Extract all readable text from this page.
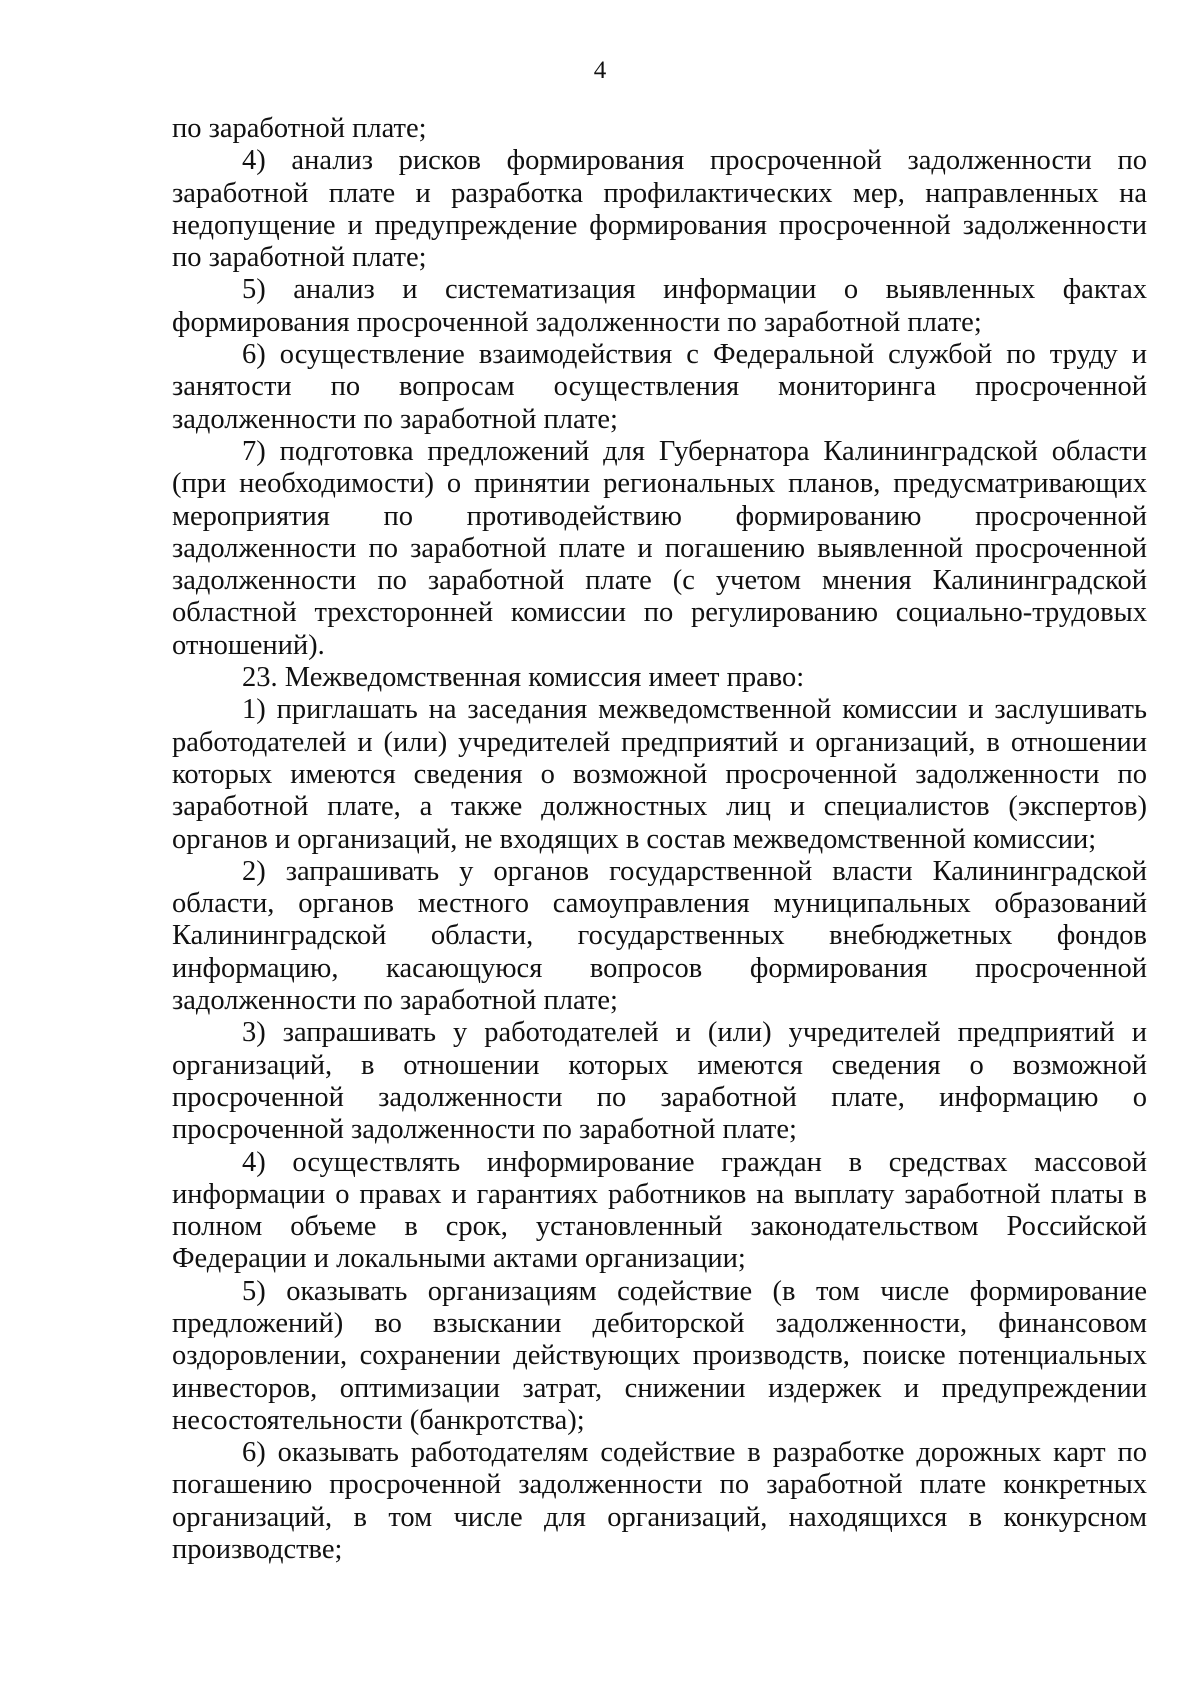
4

по заработной плате;

4) анализ рисков формирования просроченной задолженности по заработной плате и разработка профилактических мер, направленных на недопущение и предупреждение формирования просроченной задолженности по заработной плате;

5) анализ и систематизация информации о выявленных фактах формирования просроченной задолженности по заработной плате;

6) осуществление взаимодействия с Федеральной службой по труду и занятости по вопросам осуществления мониторинга просроченной задолженности по заработной плате;

7) подготовка предложений для Губернатора Калининградской области (при необходимости) о принятии региональных планов, предусматривающих мероприятия по противодействию формированию просроченной задолженности по заработной плате и погашению выявленной просроченной задолженности по заработной плате (с учетом мнения Калининградской областной трехсторонней комиссии по регулированию социально-трудовых отношений).

23. Межведомственная комиссия имеет право:

1) приглашать на заседания межведомственной комиссии и заслушивать работодателей и (или) учредителей предприятий и организаций, в отношении которых имеются сведения о возможной просроченной задолженности по заработной плате, а также должностных лиц и специалистов (экспертов) органов и организаций, не входящих в состав межведомственной комиссии;

2) запрашивать у органов государственной власти Калининградской области, органов местного самоуправления муниципальных образований Калининградской области, государственных внебюджетных фондов информацию, касающуюся вопросов формирования просроченной задолженности по заработной плате;

3) запрашивать у работодателей и (или) учредителей предприятий и организаций, в отношении которых имеются сведения о возможной просроченной задолженности по заработной плате, информацию о просроченной задолженности по заработной плате;

4) осуществлять информирование граждан в средствах массовой информации о правах и гарантиях работников на выплату заработной платы в полном объеме в срок, установленный законодательством Российской Федерации и локальными актами организации;

5) оказывать организациям содействие (в том числе формирование предложений) во взыскании дебиторской задолженности, финансовом оздоровлении, сохранении действующих производств, поиске потенциальных инвесторов, оптимизации затрат, снижении издержек и предупреждении несостоятельности (банкротства);

6) оказывать работодателям содействие в разработке дорожных карт по погашению просроченной задолженности по заработной плате конкретных организаций, в том числе для организаций, находящихся в конкурсном производстве;
